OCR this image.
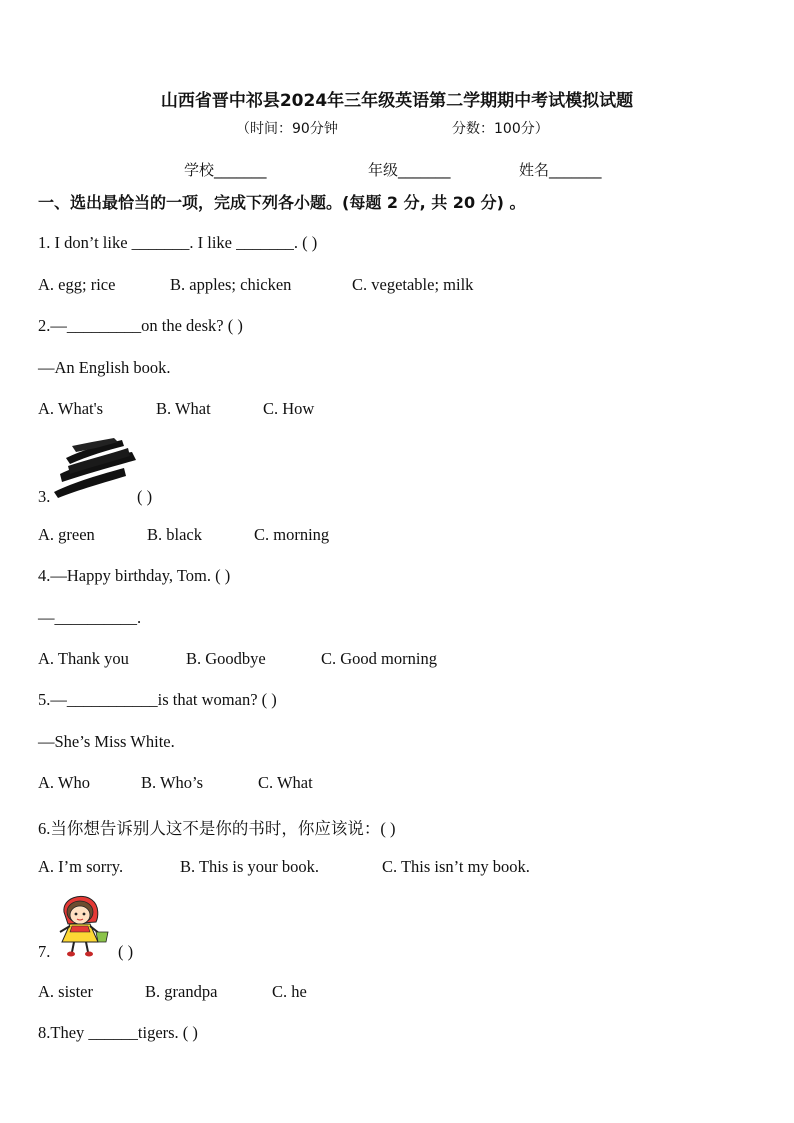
山西省晋中祁县2024年三年级英语第二学期期中考试模拟试题
（时间：90分钟	分数：100分）
学校_______	年级_______	姓名_______
一、选出最恰当的一项，完成下列各小题。(每题 2 分, 共 20 分) 。
1. I don’t like _______. I like _______. ( )
A. egg; rice	B. apples; chicken	C. vegetable; milk
2.—_________on the desk? ( )
—An English book.
A. What's	B. What	C. How
3.	( )
A. green	B. black	C. morning
4.—Happy birthday, Tom. ( )
—__________.
A. Thank you	B. Goodbye	C. Good morning
5.—___________is that woman? ( )
—She’s Miss White.
A. Who	B. Who’s	C. What
6.当你想告诉别人这不是你的书时，你应该说：( )
A. I’m sorry.	B. This is your book.	C. This isn’t my book.
7.	( )
A. sister	B. grandpa	C. he
8.They ______tigers. ( )
